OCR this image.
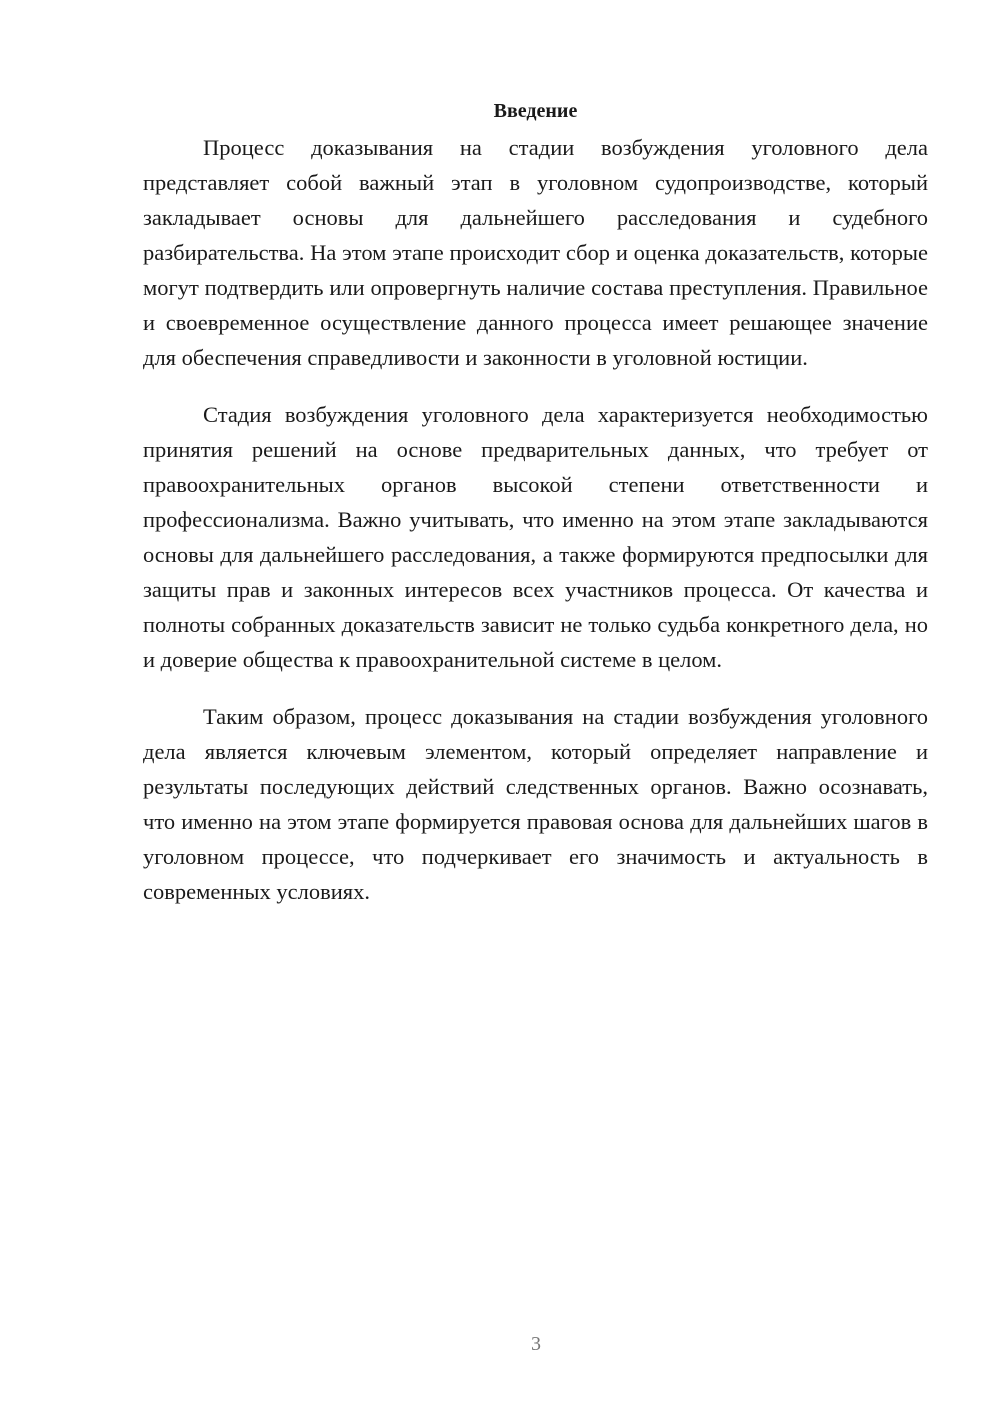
Введение

Процесс доказывания на стадии возбуждения уголовного дела представляет собой важный этап в уголовном судопроизводстве, который закладывает основы для дальнейшего расследования и судебного разбирательства. На этом этапе происходит сбор и оценка доказательств, которые могут подтвердить или опровергнуть наличие состава преступления. Правильное и своевременное осуществление данного процесса имеет решающее значение для обеспечения справедливости и законности в уголовной юстиции.

Стадия возбуждения уголовного дела характеризуется необходимостью принятия решений на основе предварительных данных, что требует от правоохранительных органов высокой степени ответственности и профессионализма. Важно учитывать, что именно на этом этапе закладываются основы для дальнейшего расследования, а также формируются предпосылки для защиты прав и законных интересов всех участников процесса. От качества и полноты собранных доказательств зависит не только судьба конкретного дела, но и доверие общества к правоохранительной системе в целом.

Таким образом, процесс доказывания на стадии возбуждения уголовного дела является ключевым элементом, который определяет направление и результаты последующих действий следственных органов. Важно осознавать, что именно на этом этапе формируется правовая основа для дальнейших шагов в уголовном процессе, что подчеркивает его значимость и актуальность в современных условиях.

3
